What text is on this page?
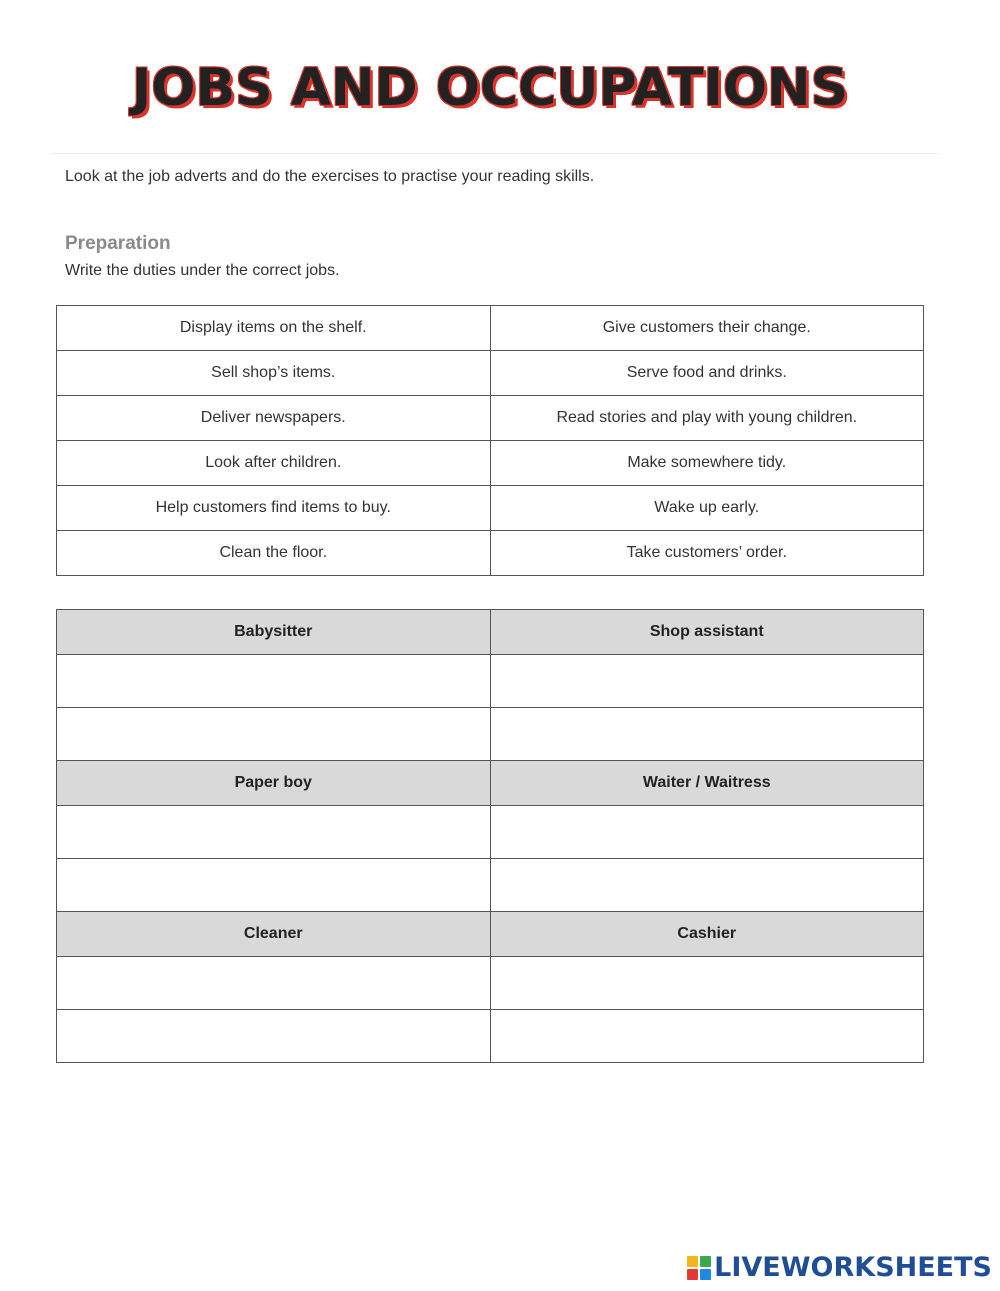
JOBS AND OCCUPATIONS
Look at the job adverts and do the exercises to practise your reading skills.
Preparation
Write the duties under the correct jobs.
Display items on the shelf.	Give customers their change.
Sell shop’s items.	Serve food and drinks.
Deliver newspapers.	Read stories and play with young children.
Look after children.	Make somewhere tidy.
Help customers find items to buy.	Wake up early.
Clean the floor.	Take customers’ order.
Babysitter	Shop assistant

Paper boy	Waiter / Waitress

Cleaner	Cashier

LIVEWORKSHEETS
